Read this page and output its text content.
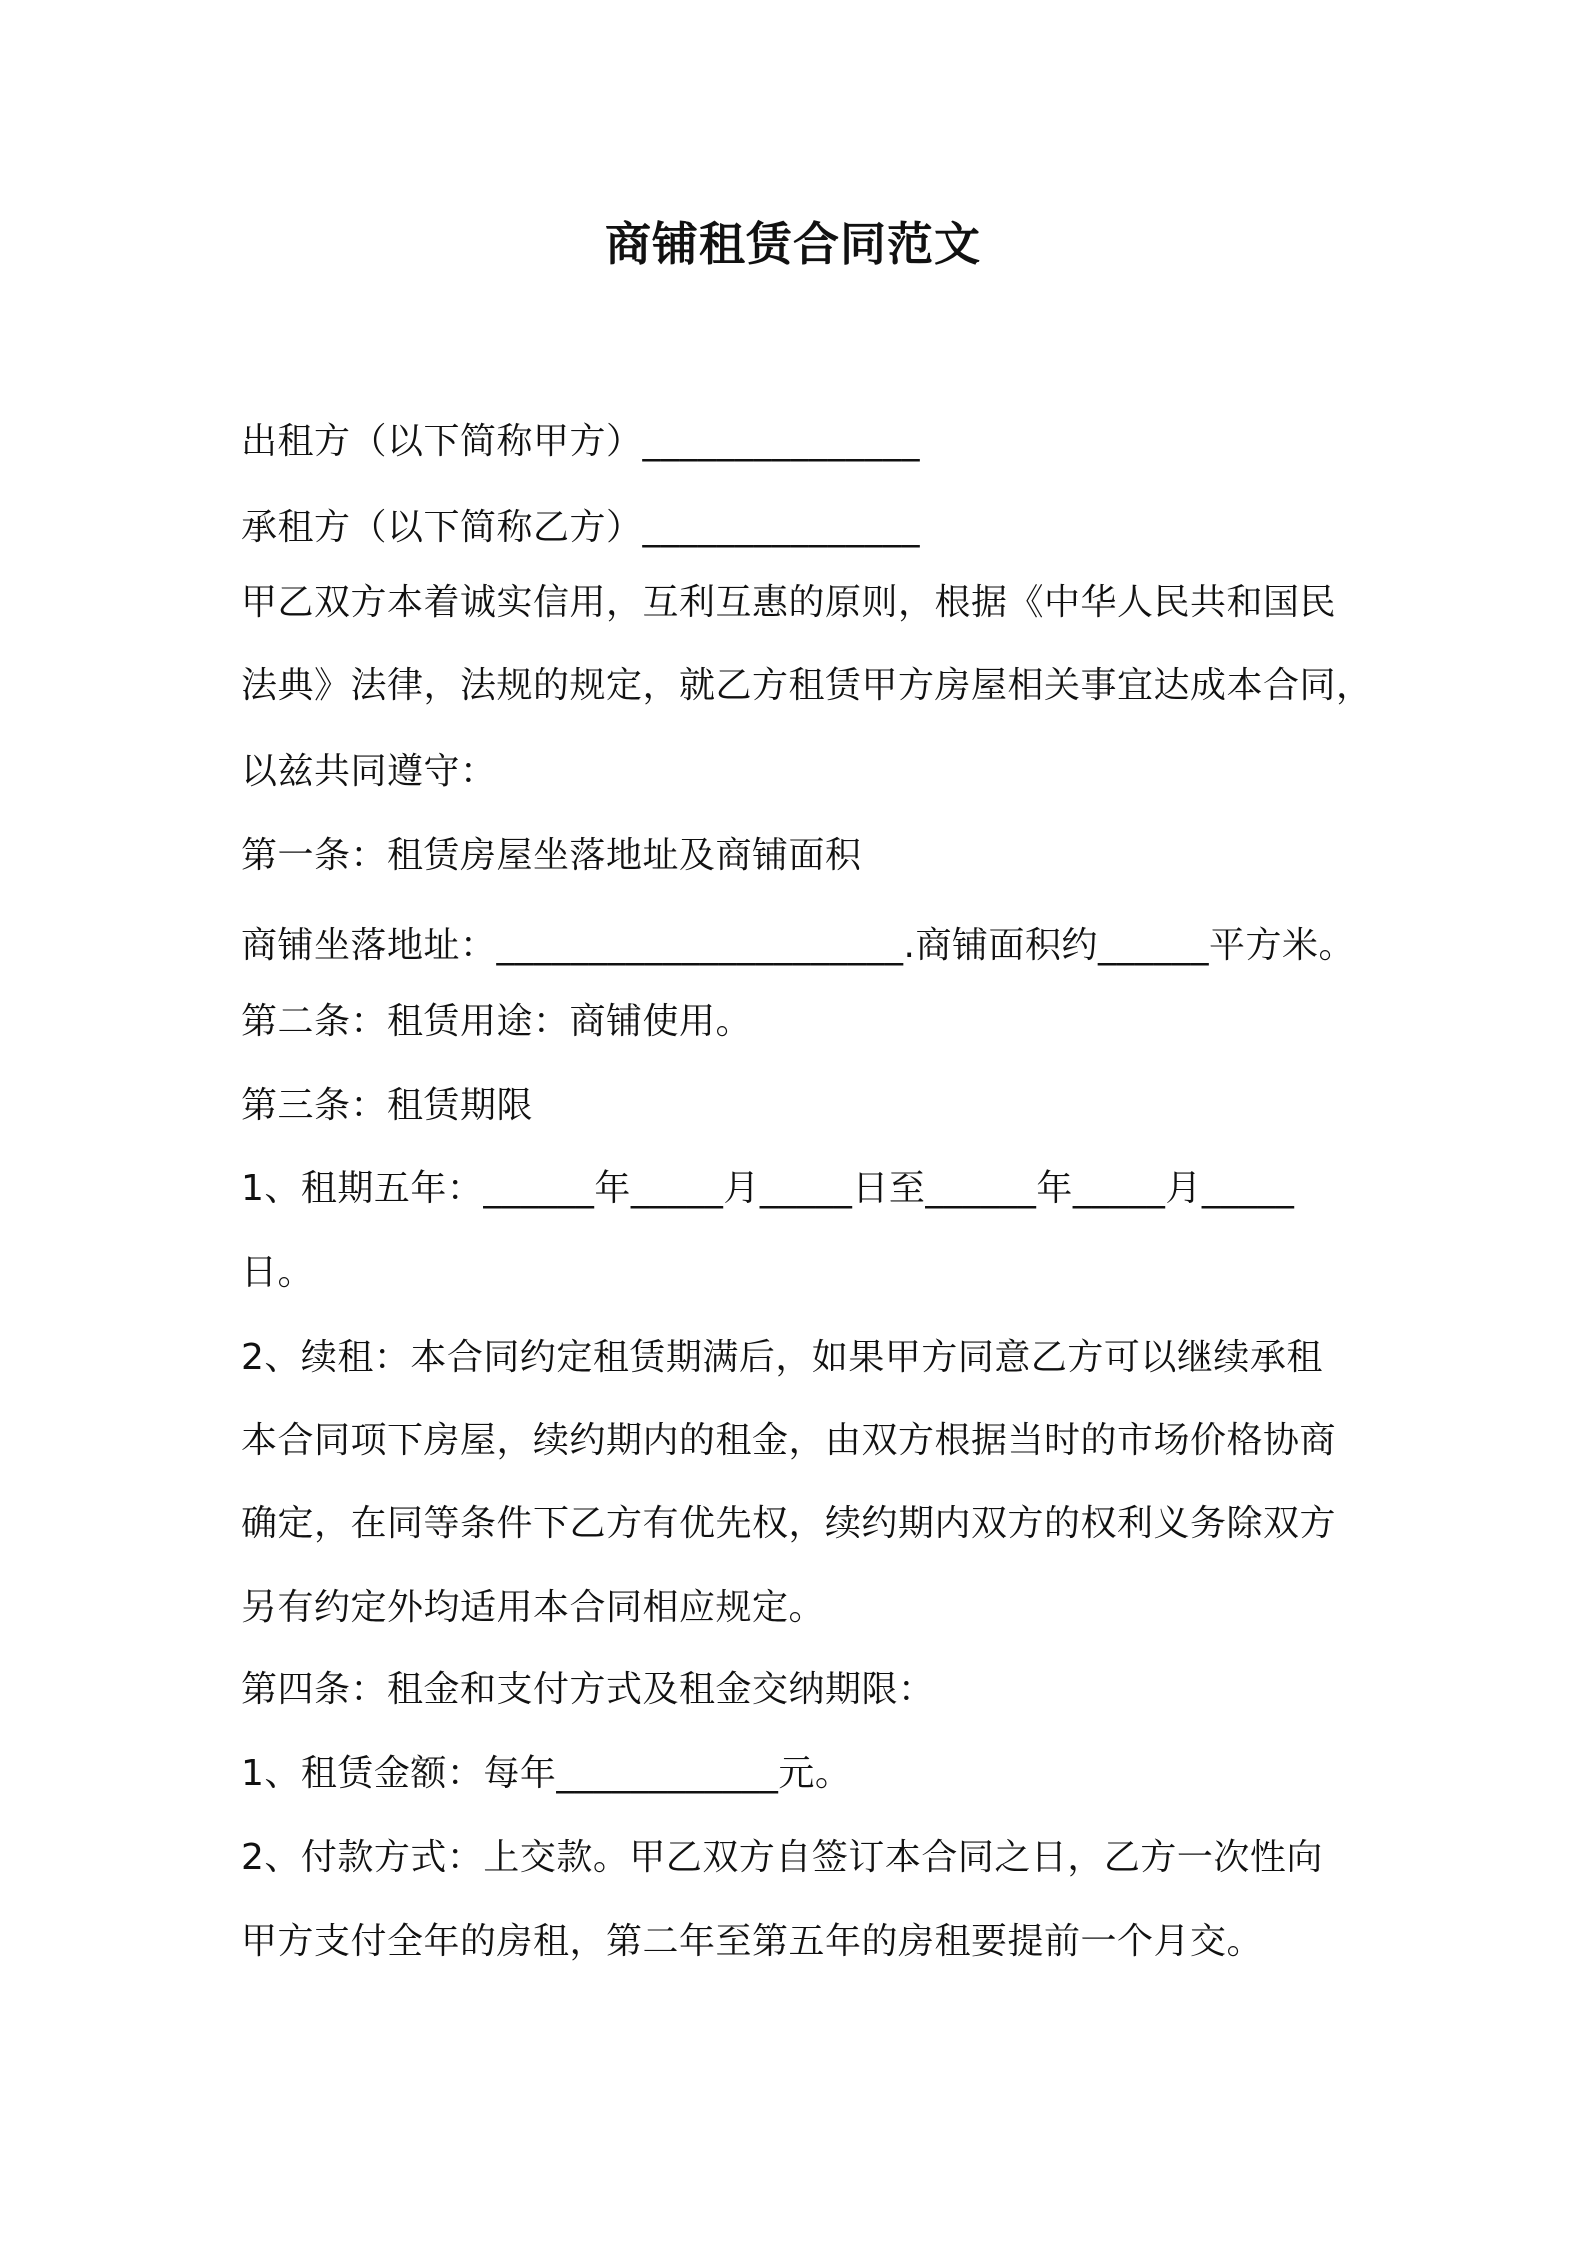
商铺租赁合同范文
出租方（以下简称甲方）_______________
承租方（以下简称乙方）_______________
甲乙双方本着诚实信用，互利互惠的原则，根据《中华人民共和国民
法典》法律，法规的规定，就乙方租赁甲方房屋相关事宜达成本合同，
以兹共同遵守：
第一条：租赁房屋坐落地址及商铺面积
商铺坐落地址：______________________.商铺面积约______平方米。
第二条：租赁用途：商铺使用。
第三条：租赁期限
1、租期五年：______年_____月_____日至______年_____月_____
日。
2、续租：本合同约定租赁期满后，如果甲方同意乙方可以继续承租
本合同项下房屋，续约期内的租金，由双方根据当时的市场价格协商
确定，在同等条件下乙方有优先权，续约期内双方的权利义务除双方
另有约定外均适用本合同相应规定。
第四条：租金和支付方式及租金交纳期限：
1、租赁金额：每年____________元。
2、付款方式：上交款。甲乙双方自签订本合同之日，乙方一次性向
甲方支付全年的房租，第二年至第五年的房租要提前一个月交。
